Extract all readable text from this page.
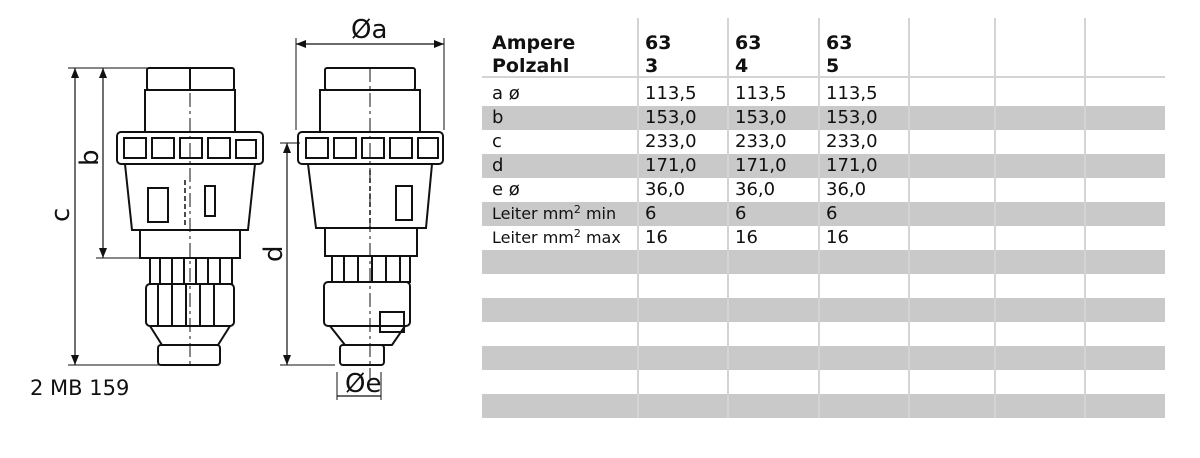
Øa
Øe
b
c
d
2 MB 159
Ampere
Polzahl
63
3
63
4
63
5
a ø	113,5 113,5 113,5
b	153,0 153,0 153,0
c	233,0 233,0 233,0
d	171,0 171,0 171,0
e ø	36,0	36,0	36,0
Leiter $mm^2$ min 6	6	6
Leiter $mm^2$ max 16	16	16
